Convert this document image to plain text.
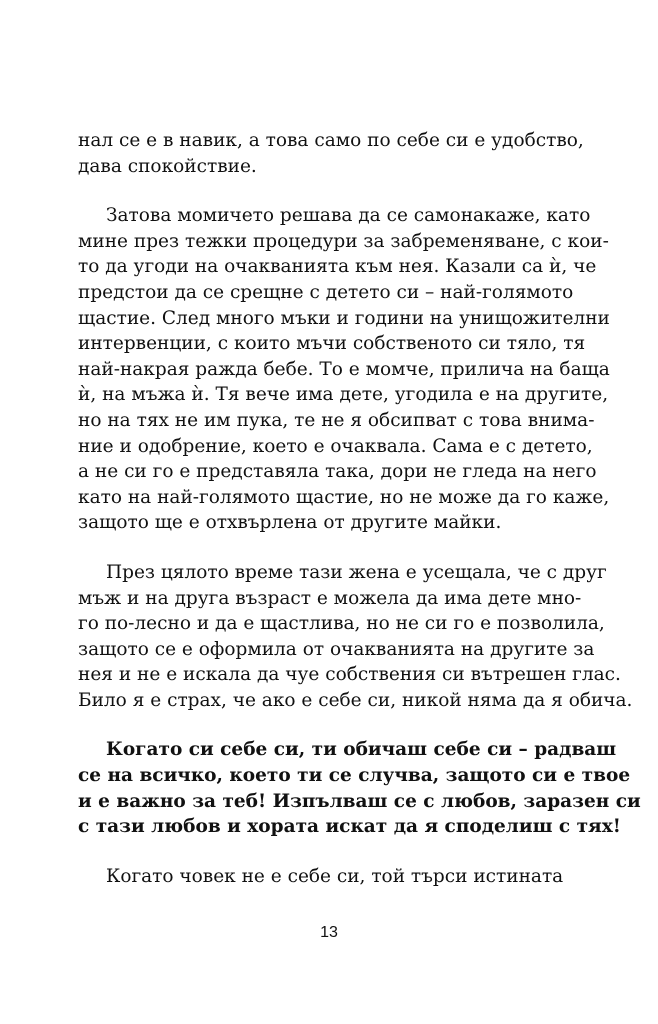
нал се е в навик, а това само по себе си е удобство,
дава спокойствие.
Затова момичето решава да се самонакаже, като
мине през тежки процедури за забременяване, с кои-
то да угоди на очакванията към нея. Казали са ѝ, че
предстои да се срещне с детето си – най-голямото
щастие. След много мъки и години на унищожителни
интервенции, с които мъчи собственото си тяло, тя
най-накрая ражда бебе. То е момче, прилича на баща
ѝ, на мъжа ѝ. Тя вече има дете, угодила е на другите,
но на тях не им пука, те не я обсипват с това внима-
ние и одобрение, което е очаквала. Сама е с детето,
а не си го е представяла така, дори не гледа на него
като на най-голямото щастие, но не може да го каже,
защото ще е отхвърлена от другите майки.
През цялото време тази жена е усещала, че с друг
мъж и на друга възраст е можела да има дете мно-
го по-лесно и да е щастлива, но не си го е позволила,
защото се е оформила от очакванията на другите за
нея и не е искала да чуе собствения си вътрешен глас.
Било я е страх, че ако е себе си, никой няма да я обича.
Когато си себе си, ти обичаш себе си – радваш
се на всичко, което ти се случва, защото си е твое
и е важно за теб! Изпълваш се с любов, заразен си
с тази любов и хората искат да я споделиш с тях!
Когато човек не е себе си, той търси истината
13
